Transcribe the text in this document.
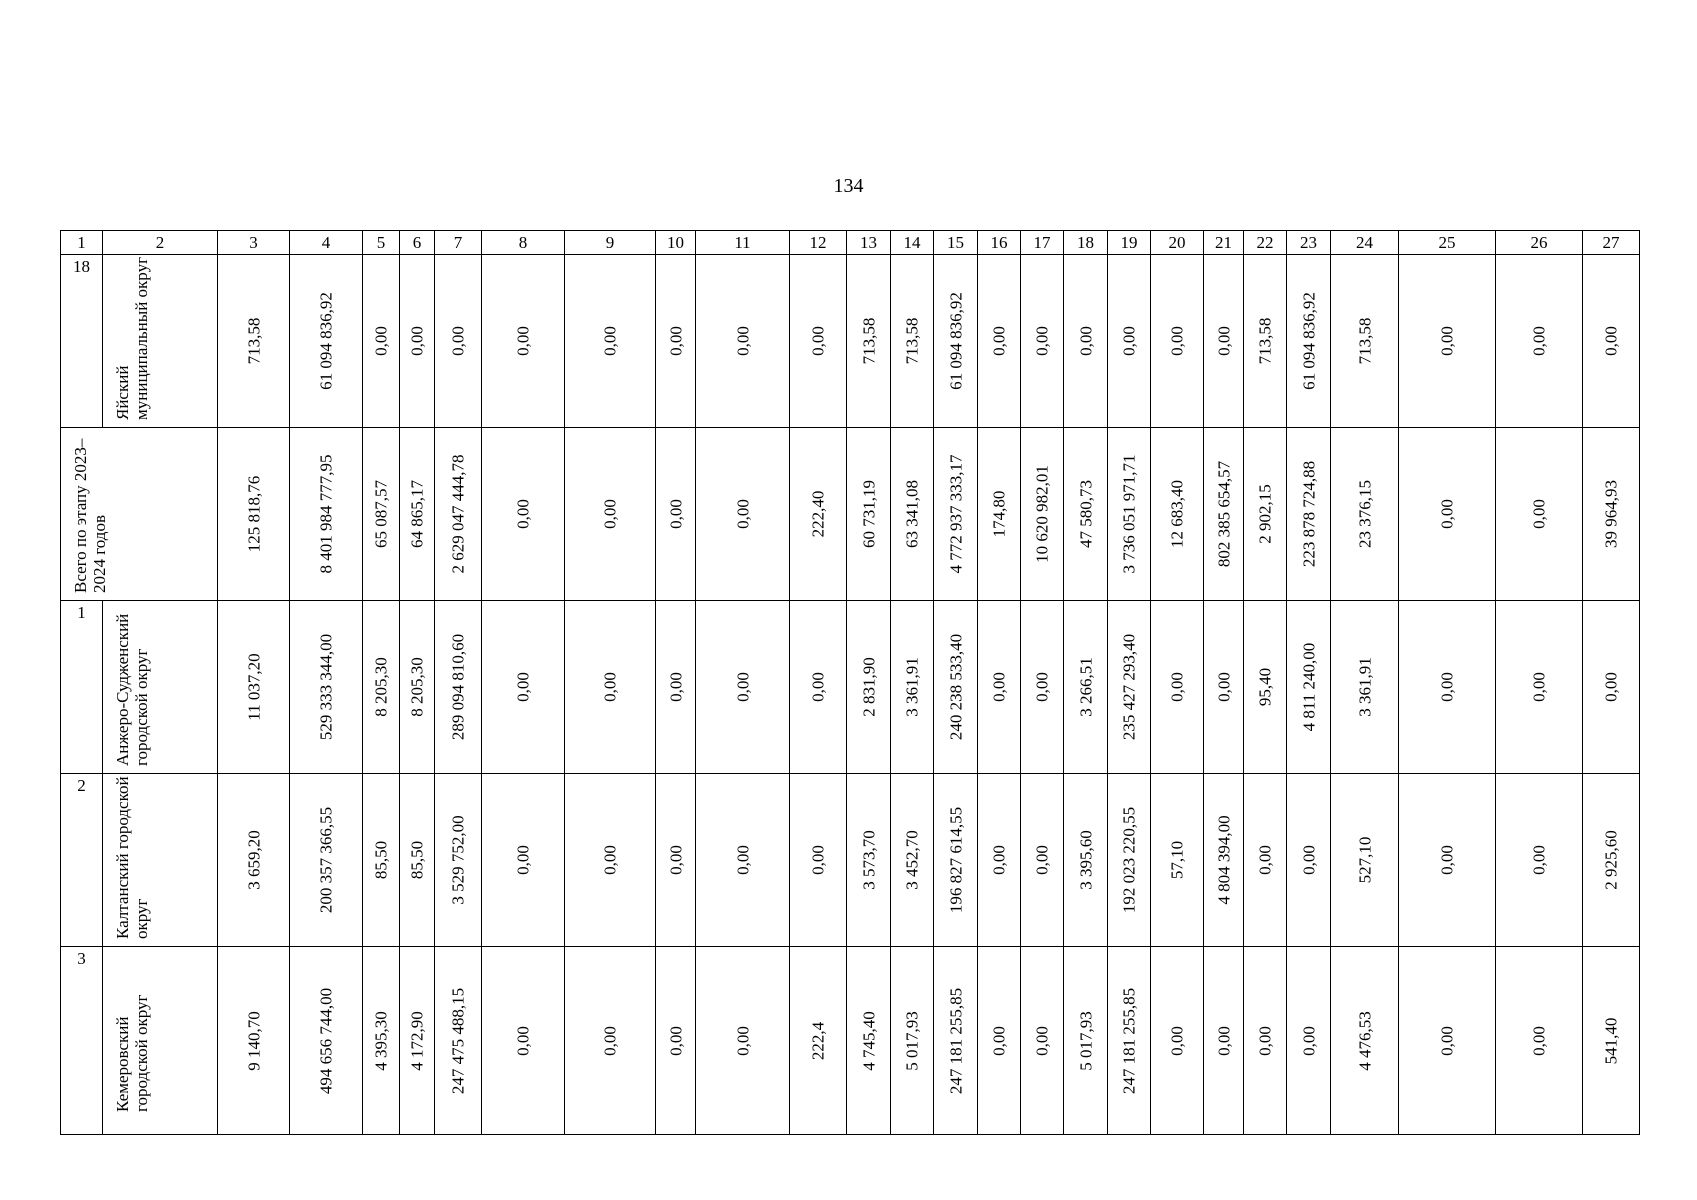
134
1	2	3	4	5	6	7	8	9	10	11	12	13	14	15	16	17	18	19	20	21	22	23	24	25	26	27

18	Яйский муниципальный округ	713,58	61 094 836,92	0,00	0,00	0,00	0,00	0,00	0,00	0,00	0,00	713,58	713,58	61 094 836,92	0,00	0,00	0,00	0,00	0,00	0,00	713,58	61 094 836,92	713,58	0,00	0,00	0,00

Всего по этапу 2023–2024 годов		125 818,76	8 401 984 777,95	65 087,57	64 865,17	2 629 047 444,78	0,00	0,00	0,00	0,00	222,40	60 731,19	63 341,08	4 772 937 333,17	174,80	10 620 982,01	47 580,73	3 736 051 971,71	12 683,40	802 385 654,57	2 902,15	223 878 724,88	23 376,15	0,00	0,00	39 964,93

1	Анжеро-Судженский городской округ	11 037,20	529 333 344,00	8 205,30	8 205,30	289 094 810,60	0,00	0,00	0,00	0,00	0,00	2 831,90	3 361,91	240 238 533,40	0,00	0,00	3 266,51	235 427 293,40	0,00	0,00	95,40	4 811 240,00	3 361,91	0,00	0,00	0,00

2	Калтанский городской округ	3 659,20	200 357 366,55	85,50	85,50	3 529 752,00	0,00	0,00	0,00	0,00	0,00	3 573,70	3 452,70	196 827 614,55	0,00	0,00	3 395,60	192 023 220,55	57,10	4 804 394,00	0,00	0,00	527,10	0,00	0,00	2 925,60

3	Кемеровский городской округ	9 140,70	494 656 744,00	4 395,30	4 172,90	247 475 488,15	0,00	0,00	0,00	0,00	222,4	4 745,40	5 017,93	247 181 255,85	0,00	0,00	5 017,93	247 181 255,85	0,00	0,00	0,00	0,00	4 476,53	0,00	0,00	541,40
